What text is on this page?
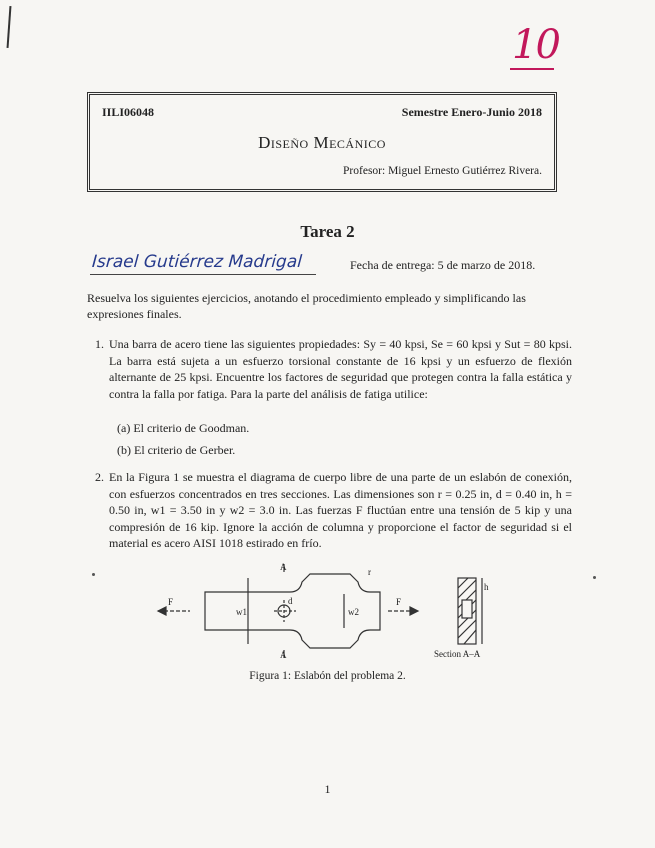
10
IILI06048	Semestre Enero-Junio 2018
Diseño Mecánico
Profesor: Miguel Ernesto Gutiérrez Rivera.
Tarea 2
Israel Gutiérrez Madrigal	Fecha de entrega: 5 de marzo de 2018.
Resuelva los siguientes ejercicios, anotando el procedimiento empleado y simplificando las expresiones finales.
1. Una barra de acero tiene las siguientes propiedades: Sy = 40 kpsi, Se = 60 kpsi y Sut = 80 kpsi. La barra está sujeta a un esfuerzo torsional constante de 16 kpsi y un esfuerzo de flexión alternante de 25 kpsi. Encuentre los factores de seguridad que protegen contra la falla estática y contra la falla por fatiga. Para la parte del análisis de fatiga utilice:
(a) El criterio de Goodman.
(b) El criterio de Gerber.
2. En la Figura 1 se muestra el diagrama de cuerpo libre de una parte de un eslabón de conexión, con esfuerzos concentrados en tres secciones. Las dimensiones son r = 0.25 in, d = 0.40 in, h = 0.50 in, w1 = 3.50 in y w2 = 3.0 in. Las fuerzas F fluctúan entre una tensión de 5 kip y una compresión de 16 kip. Ignore la acción de columna y proporcione el factor de seguridad si el material es acero AISI 1018 estirado en frío.
F	F
A
A
r
w1	w2
d
h
Section A–A
Figura 1: Eslabón del problema 2.
1
